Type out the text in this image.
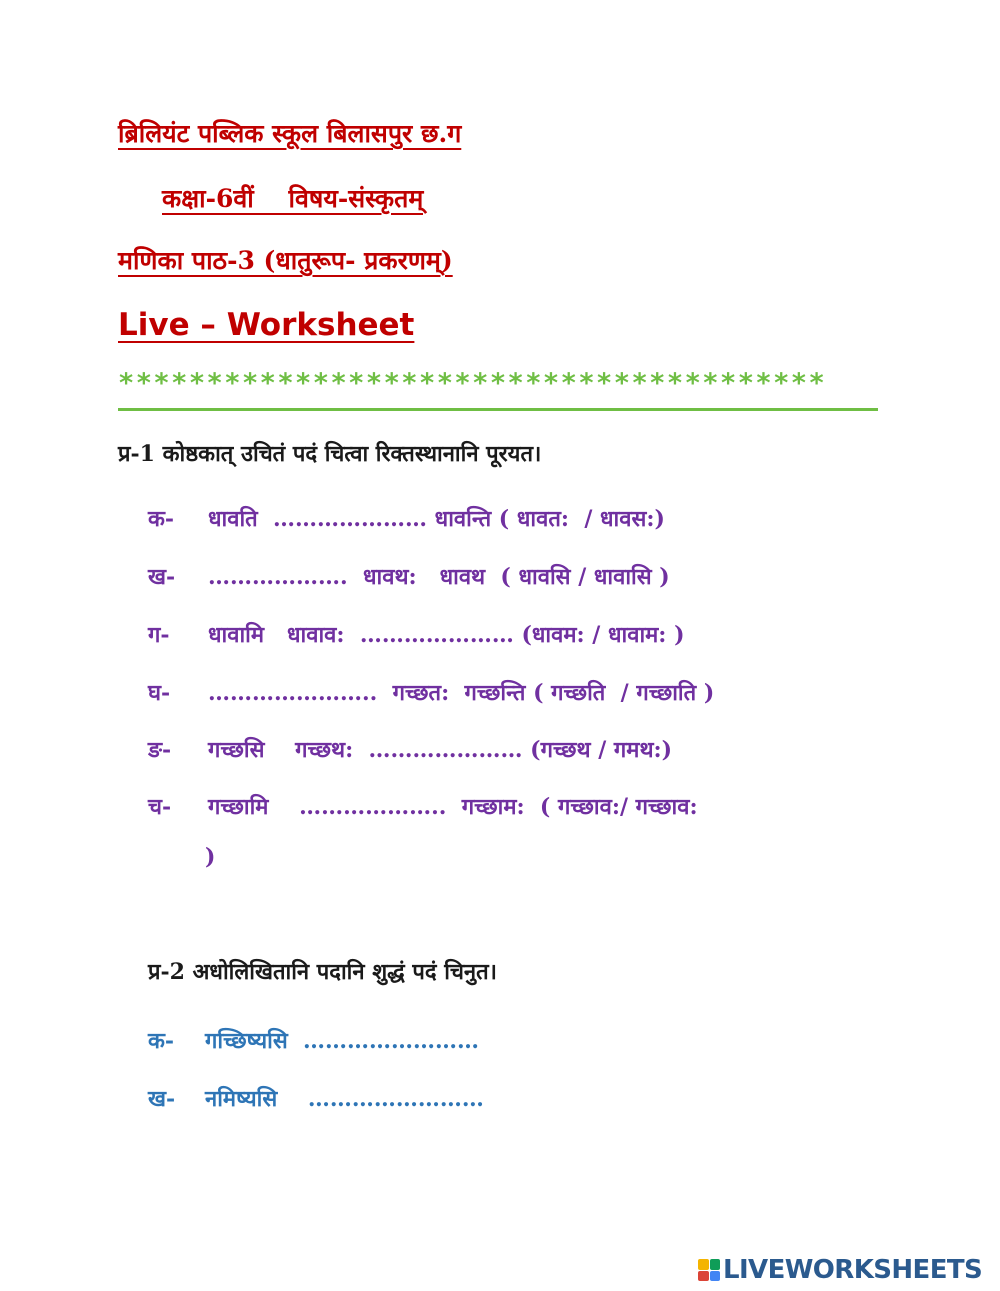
ब्रिलियंट पब्लिक स्कूल बिलासपुर छ.ग
कक्षा-6वीं    विषय-संस्कृतम्
मणिका पाठ-3 (धातुरूप- प्रकरणम्)
Live – Worksheet
****************************************
प्र-1 कोष्ठकात् उचितं पदं चित्वा रिक्तस्थानानि पूरयत।
क- धावति  ………………… धावन्ति ( धावत:  / धावस:)
ख- ……………….  धावथ:   धावथ  ( धावसि / धावासि )
ग- धावामि   धावाव:  ………………… (धावम: / धावाम: )
घ- …………………..  गच्छत:  गच्छन्ति ( गच्छति  / गच्छाति )
ङ- गच्छसि    गच्छथ:  ………………… (गच्छथ / गमथ:)
च- गच्छामि    ………………..  गच्छाम:  ( गच्छाव:/ गच्छाव:
)
प्र-2 अधोलिखितानि पदानि शुद्धं पदं चिनुत।
क- गच्छिष्यसि  ……………………
ख- नमिष्यसि    ……………………
LIVEWORKSHEETS
